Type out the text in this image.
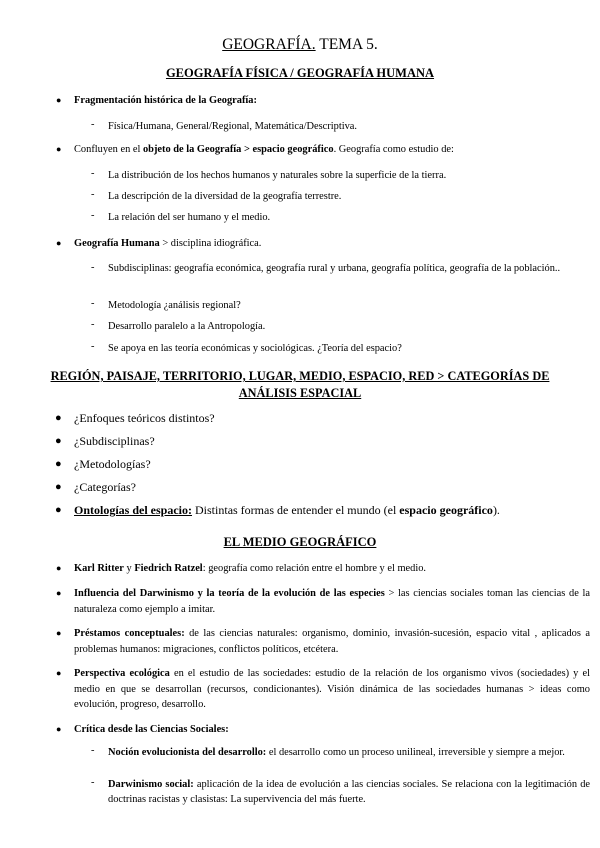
GEOGRAFÍA. TEMA 5.
GEOGRAFÍA FÍSICA / GEOGRAFÍA HUMANA
● Fragmentación histórica de la Geografía:
- Física/Humana, General/Regional, Matemática/Descriptiva.
● Confluyen en el objeto de la Geografía > espacio geográfico. Geografía como estudio de:
- La distribución de los hechos humanos y naturales sobre la superficie de la tierra.
- La descripción de la diversidad de la geografía terrestre.
- La relación del ser humano y el medio.
● Geografía Humana > disciplina idiográfica.
- Subdisciplinas: geografía económica, geografía rural y urbana, geografía política, geografía de la población..
- Metodología ¿análisis regional?
- Desarrollo paralelo a la Antropología.
- Se apoya en las teoría económicas y sociológicas. ¿Teoría del espacio?
REGIÓN, PAISAJE, TERRITORIO, LUGAR, MEDIO, ESPACIO, RED > CATEGORÍAS DE
ANÁLISIS ESPACIAL
● ¿Enfoques teóricos distintos?
● ¿Subdisciplinas?
● ¿Metodologías?
● ¿Categorías?
● Ontologías del espacio: Distintas formas de entender el mundo (el espacio geográfico).
EL MEDIO GEOGRÁFICO
● Karl Ritter y Fiedrich Ratzel: geografía como relación entre el hombre y el medio.
● Influencia del Darwinismo y la teoría de la evolución de las especies > las ciencias sociales toman las ciencias de la naturaleza como ejemplo a imitar.
● Préstamos conceptuales: de las ciencias naturales: organismo, dominio, invasión-sucesión, espacio vital , aplicados a problemas humanos: migraciones, conflictos políticos, etcétera.
● Perspectiva ecológica en el estudio de las sociedades: estudio de la relación de los organismo vivos (sociedades) y el medio en que se desarrollan (recursos, condicionantes). Visión dinámica de las sociedades humanas > ideas como evolución, progreso, desarrollo.
● Crítica desde las Ciencias Sociales:
- Noción evolucionista del desarrollo: el desarrollo como un proceso unilineal, irreversible y siempre a mejor.
- Darwinismo social: aplicación de la idea de evolución a las ciencias sociales. Se relaciona con la legitimación de doctrinas racistas y clasistas: La supervivencia del más fuerte.
